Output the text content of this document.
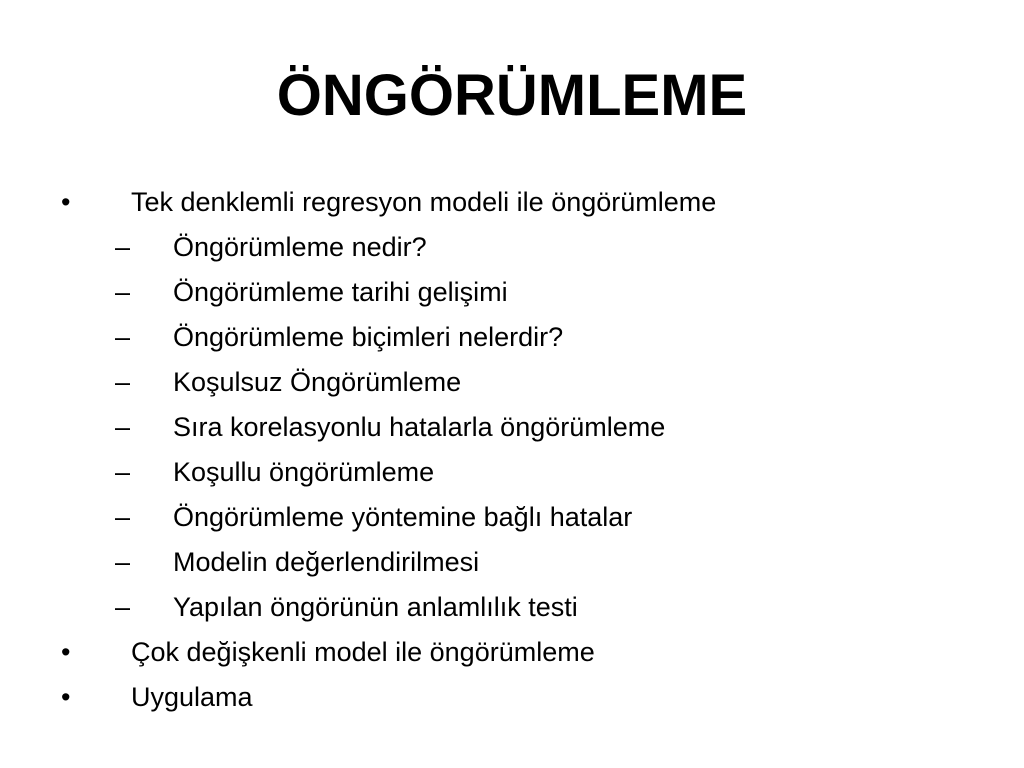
ÖNGÖRÜMLEME
• Tek denklemli regresyon modeli ile öngörümleme
– Öngörümleme nedir?
– Öngörümleme tarihi gelişimi
– Öngörümleme biçimleri nelerdir?
– Koşulsuz Öngörümleme
– Sıra korelasyonlu hatalarla öngörümleme
– Koşullu öngörümleme
– Öngörümleme yöntemine bağlı hatalar
– Modelin değerlendirilmesi
– Yapılan öngörünün anlamlılık testi
• Çok değişkenli model ile öngörümleme
• Uygulama
